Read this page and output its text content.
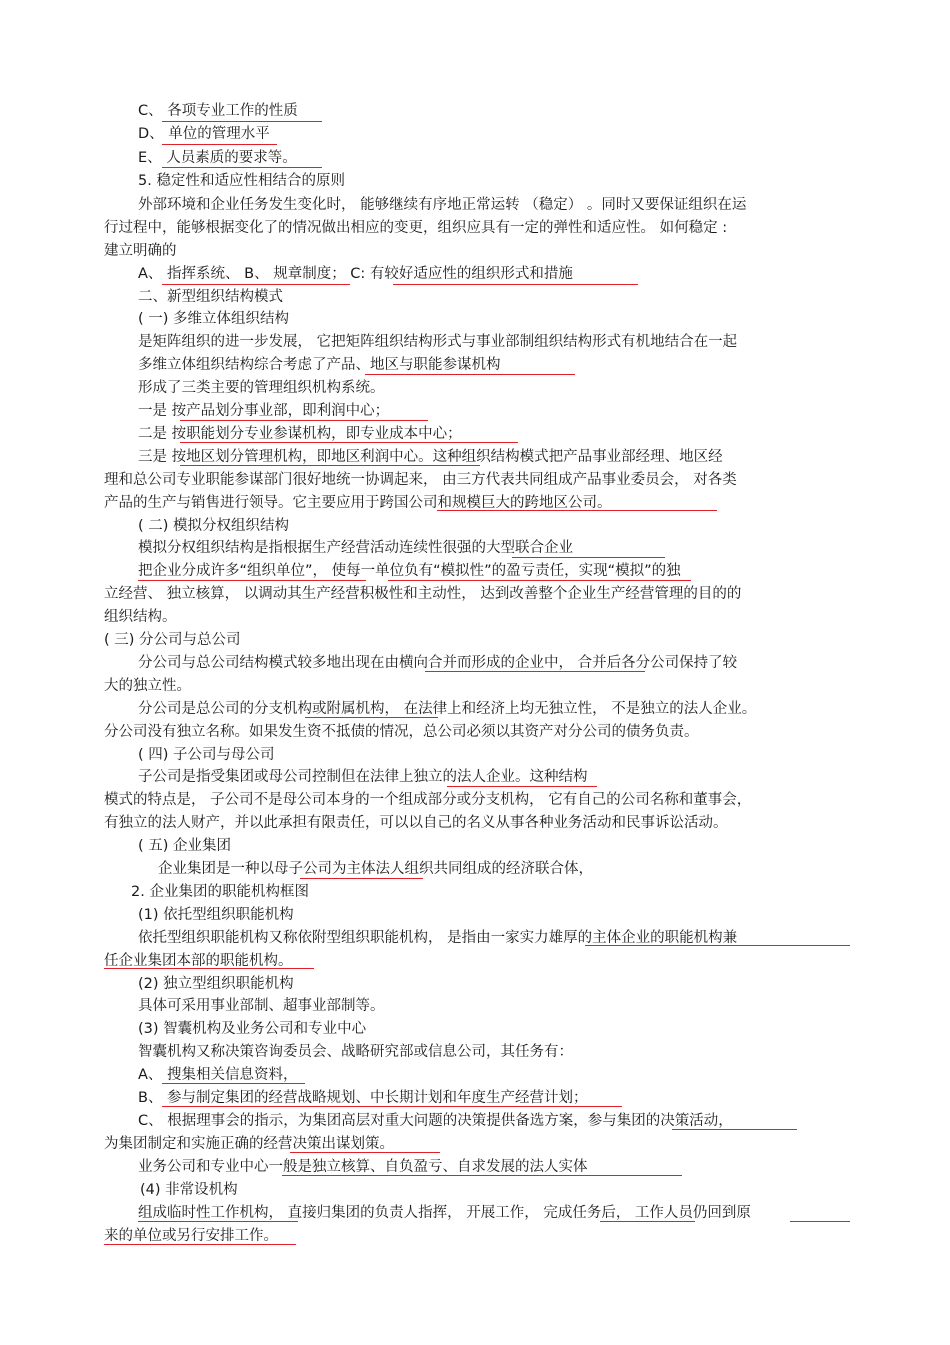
C、 各项专业工作的性质
D、 单位的管理水平
E、 人员素质的要求等。
5. 稳定性和适应性相结合的原则
外部环境和企业任务发生变化时， 能够继续有序地正常运转 （稳定） 。同时又要保证组织在运
行过程中，能够根据变化了的情况做出相应的变更，组织应具有一定的弹性和适应性。 如何稳定 :
建立明确的
A、 指挥系统、 B、 规章制度； C: 有较好适应性的组织形式和措施
二、新型组织结构模式
( 一) 多维立体组织结构
是矩阵组织的进一步发展， 它把矩阵组织结构形式与事业部制组织结构形式有机地结合在一起
多维立体组织结构综合考虑了产品、地区与职能参谋机构
形成了三类主要的管理组织机构系统。
一是 按产品划分事业部，即利润中心；
二是 按职能划分专业参谋机构，即专业成本中心；
三是 按地区划分管理机构，即地区利润中心。这种组织结构模式把产品事业部经理、地区经
理和总公司专业职能参谋部门很好地统一协调起来， 由三方代表共同组成产品事业委员会， 对各类
产品的生产与销售进行领导。它主要应用于跨国公司和规模巨大的跨地区公司。
( 二) 模拟分权组织结构
模拟分权组织结构是指根据生产经营活动连续性很强的大型联合企业
把企业分成许多“组织单位”， 使每一单位负有“模拟性”的盈亏责任，实现“模拟”的独
立经营、 独立核算， 以调动其生产经营积极性和主动性， 达到改善整个企业生产经营管理的目的的
组织结构。
( 三) 分公司与总公司
分公司与总公司结构模式较多地出现在由横向合并而形成的企业中， 合并后各分公司保持了较
大的独立性。
分公司是总公司的分支机构或附属机构， 在法律上和经济上均无独立性， 不是独立的法人企业。
分公司没有独立名称。如果发生资不抵债的情况，总公司必须以其资产对分公司的债务负责。
( 四) 子公司与母公司
子公司是指受集团或母公司控制但在法律上独立的法人企业。这种结构
模式的特点是， 子公司不是母公司本身的一个组成部分或分支机构， 它有自己的公司名称和董事会，
有独立的法人财产，并以此承担有限责任，可以以自己的名义从事各种业务活动和民事诉讼活动。
( 五) 企业集团
企业集团是一种以母子公司为主体法人组织共同组成的经济联合体，
2. 企业集团的职能机构框图
(1) 依托型组织职能机构
依托型组织职能机构又称依附型组织职能机构， 是指由一家实力雄厚的主体企业的职能机构兼
任企业集团本部的职能机构。
(2) 独立型组织职能机构
具体可采用事业部制、超事业部制等。
(3) 智囊机构及业务公司和专业中心
智囊机构又称决策咨询委员会、战略研究部或信息公司，其任务有：
A、 搜集相关信息资料，
B、 参与制定集团的经营战略规划、中长期计划和年度生产经营计划；
C、 根据理事会的指示，为集团高层对重大问题的决策提供备选方案，参与集团的决策活动，
为集团制定和实施正确的经营决策出谋划策。
业务公司和专业中心一般是独立核算、自负盈亏、自求发展的法人实体
(4) 非常设机构
组成临时性工作机构， 直接归集团的负责人指挥， 开展工作， 完成任务后， 工作人员仍回到原
来的单位或另行安排工作。
